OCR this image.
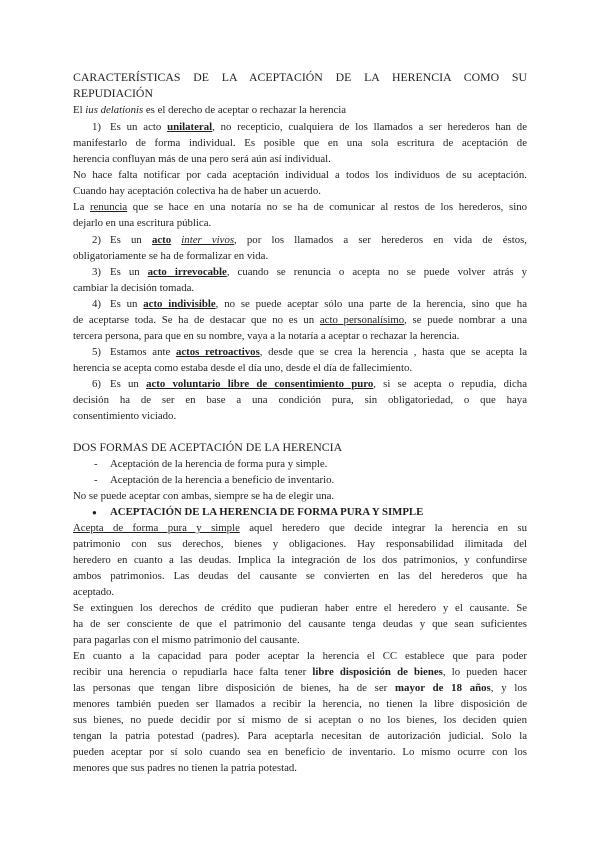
CARACTERÍSTICAS DE LA ACEPTACIÓN DE LA HERENCIA COMO SU

REPUDIACIÓN

El ius delationis es el derecho de aceptar o rechazar la herencia

1) Es un acto unilateral, no recepticio, cualquiera de los llamados a ser herederos han de

manifestarlo de forma individual. Es posible que en una sola escritura de aceptación de

herencia confluyan más de una pero será aún así individual.

No hace falta notificar por cada aceptación individual a todos los individuos de su aceptación.

Cuando hay aceptación colectiva ha de haber un acuerdo.

La renuncia que se hace en una notaría no se ha de comunicar al restos de los herederos, sino

dejarlo en una escritura pública.

2) Es un acto inter vivos, por los llamados a ser herederos en vida de éstos,

obligatoriamente se ha de formalizar en vida.

3) Es un acto irrevocable, cuando se renuncia o acepta no se puede volver atrás y

cambiar la decisión tomada.

4) Es un acto indivisible, no se puede aceptar sólo una parte de la herencia, sino que ha

de aceptarse toda. Se ha de destacar que no es un acto personalísimo, se puede nombrar a una

tercera persona, para que en su nombre, vaya a la notaría a aceptar o rechazar la herencia.

5) Estamos ante actos retroactivos, desde que se crea la herencia , hasta que se acepta la

herencia se acepta como estaba desde el día uno, desde el día de fallecimiento.

6) Es un acto voluntario libre de consentimiento puro, si se acepta o repudia, dicha

decisión ha de ser en base a una condición pura, sin obligatoriedad, o que haya

consentimiento viciado.

DOS FORMAS DE ACEPTACIÓN DE LA HERENCIA

-	Aceptación de la herencia de forma pura y simple.

-	Aceptación de la herencia a beneficio de inventario.

No se puede aceptar con ambas, siempre se ha de elegir una.

●	ACEPTACIÓN DE LA HERENCIA DE FORMA PURA Y SIMPLE

Acepta de forma pura y simple aquel heredero que decide integrar la herencia en su

patrimonio con sus derechos, bienes y obligaciones. Hay responsabilidad ilimitada del

heredero en cuanto a las deudas. Implica la integración de los dos patrimonios, y confundirse

ambos patrimonios. Las deudas del causante se convierten en las del herederos que ha

aceptado.

Se extinguen los derechos de crédito que pudieran haber entre el heredero y el causante. Se

ha de ser consciente de que el patrimonio del causante tenga deudas y que sean suficientes

para pagarlas con el mismo patrimonio del causante.

En cuanto a la capacidad para poder aceptar la herencia el CC establece que para poder

recibir una herencia o repudiarla hace falta tener libre disposición de bienes, lo pueden hacer

las personas que tengan libre disposición de bienes, ha de ser mayor de 18 años, y los

menores también pueden ser llamados a recibir la herencia, no tienen la libre disposición de

sus bienes, no puede decidir por sí mismo de si aceptan o no los bienes, los deciden quien

tengan la patria potestad (padres). Para aceptarla necesitan de autorización judicial. Solo la

pueden aceptar por sí solo cuando sea en beneficio de inventario. Lo mismo ocurre con los

menores que sus padres no tienen la patria potestad.
